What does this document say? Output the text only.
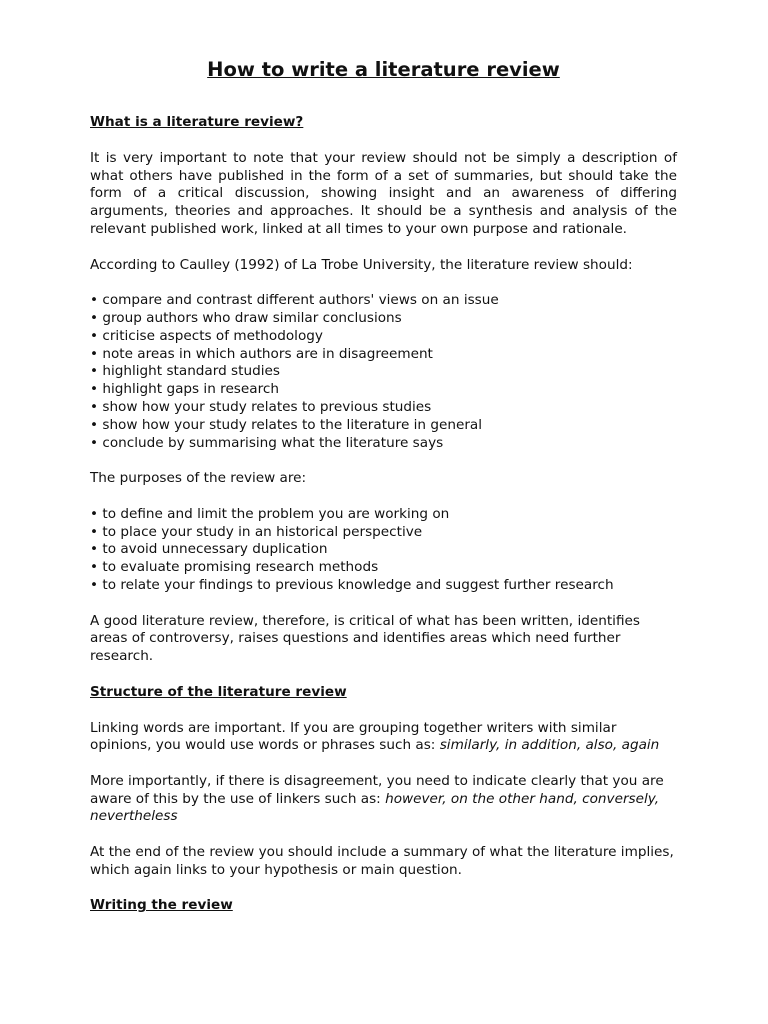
How to write a literature review
What is a literature review?

It is very important to note that your review should not be simply a description of what others have published in the form of a set of summaries, but should take the form of a critical discussion, showing insight and an awareness of differing arguments, theories and approaches. It should be a synthesis and analysis of the relevant published work, linked at all times to your own purpose and rationale.

According to Caulley (1992) of La Trobe University, the literature review should:

• compare and contrast different authors' views on an issue
• group authors who draw similar conclusions
• criticise aspects of methodology
• note areas in which authors are in disagreement
• highlight standard studies
• highlight gaps in research
• show how your study relates to previous studies
• show how your study relates to the literature in general
• conclude by summarising what the literature says

The purposes of the review are:

• to define and limit the problem you are working on
• to place your study in an historical perspective
• to avoid unnecessary duplication
• to evaluate promising research methods
• to relate your findings to previous knowledge and suggest further research

A good literature review, therefore, is critical of what has been written, identifies areas of controversy, raises questions and identifies areas which need further research.

Structure of the literature review

Linking words are important. If you are grouping together writers with similar opinions, you would use words or phrases such as: similarly, in addition, also, again

More importantly, if there is disagreement, you need to indicate clearly that you are aware of this by the use of linkers such as: however, on the other hand, conversely, nevertheless

At the end of the review you should include a summary of what the literature implies, which again links to your hypothesis or main question.

Writing the review
